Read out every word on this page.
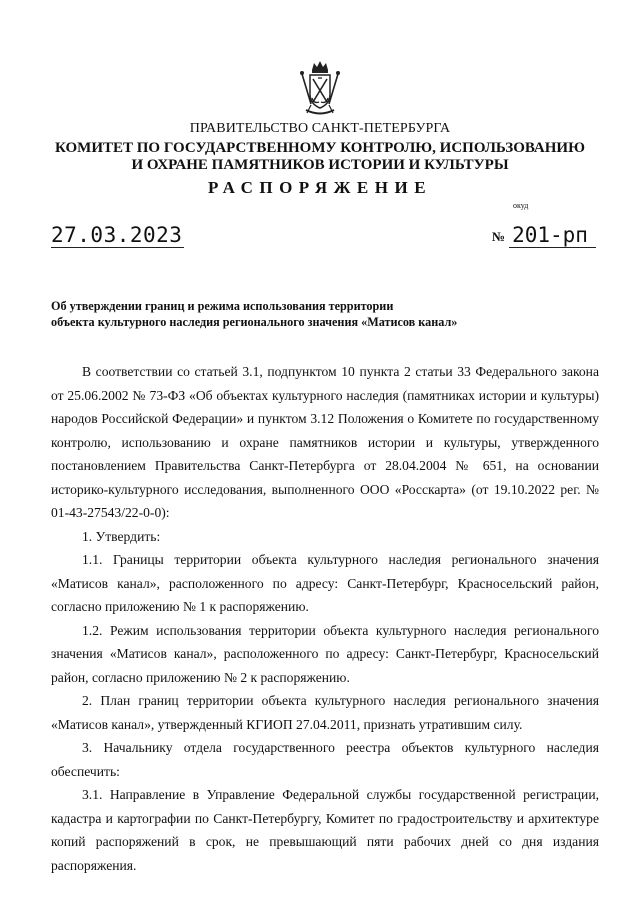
ПРАВИТЕЛЬСТВО САНКТ-ПЕТЕРБУРГА
КОМИТЕТ ПО ГОСУДАРСТВЕННОМУ КОНТРОЛЮ, ИСПОЛЬЗОВАНИЮ
И ОХРАНЕ ПАМЯТНИКОВ ИСТОРИИ И КУЛЬТУРЫ
РАСПОРЯЖЕНИЕ
окуд
27.03.2023	№ 201-рп
Об утверждении границ и режима использования территории
объекта культурного наследия регионального значения «Матисов канал»

В соответствии со статьей 3.1, подпунктом 10 пункта 2 статьи 33 Федерального закона от 25.06.2002 № 73-ФЗ «Об объектах культурного наследия (памятниках истории и культуры) народов Российской Федерации» и пунктом 3.12 Положения о Комитете по государственному контролю, использованию и охране памятников истории и культуры, утвержденного постановлением Правительства Санкт-Петербурга от 28.04.2004 № 651, на основании историко-культурного исследования, выполненного ООО «Росскарта» (от 19.10.2022 рег. № 01-43-27543/22-0-0):

1. Утвердить:

1.1. Границы территории объекта культурного наследия регионального значения «Матисов канал», расположенного по адресу: Санкт-Петербург, Красносельский район, согласно приложению № 1 к распоряжению.

1.2. Режим использования территории объекта культурного наследия регионального значения «Матисов канал», расположенного по адресу: Санкт-Петербург, Красносельский район, согласно приложению № 2 к распоряжению.

2. План границ территории объекта культурного наследия регионального значения «Матисов канал», утвержденный КГИОП 27.04.2011, признать утратившим силу.

3. Начальнику отдела государственного реестра объектов культурного наследия обеспечить:

3.1. Направление в Управление Федеральной службы государственной регистрации, кадастра и картографии по Санкт-Петербургу, Комитет по градостроительству и архитектуре копий распоряжений в срок, не превышающий пяти рабочих дней со дня издания распоряжения.
